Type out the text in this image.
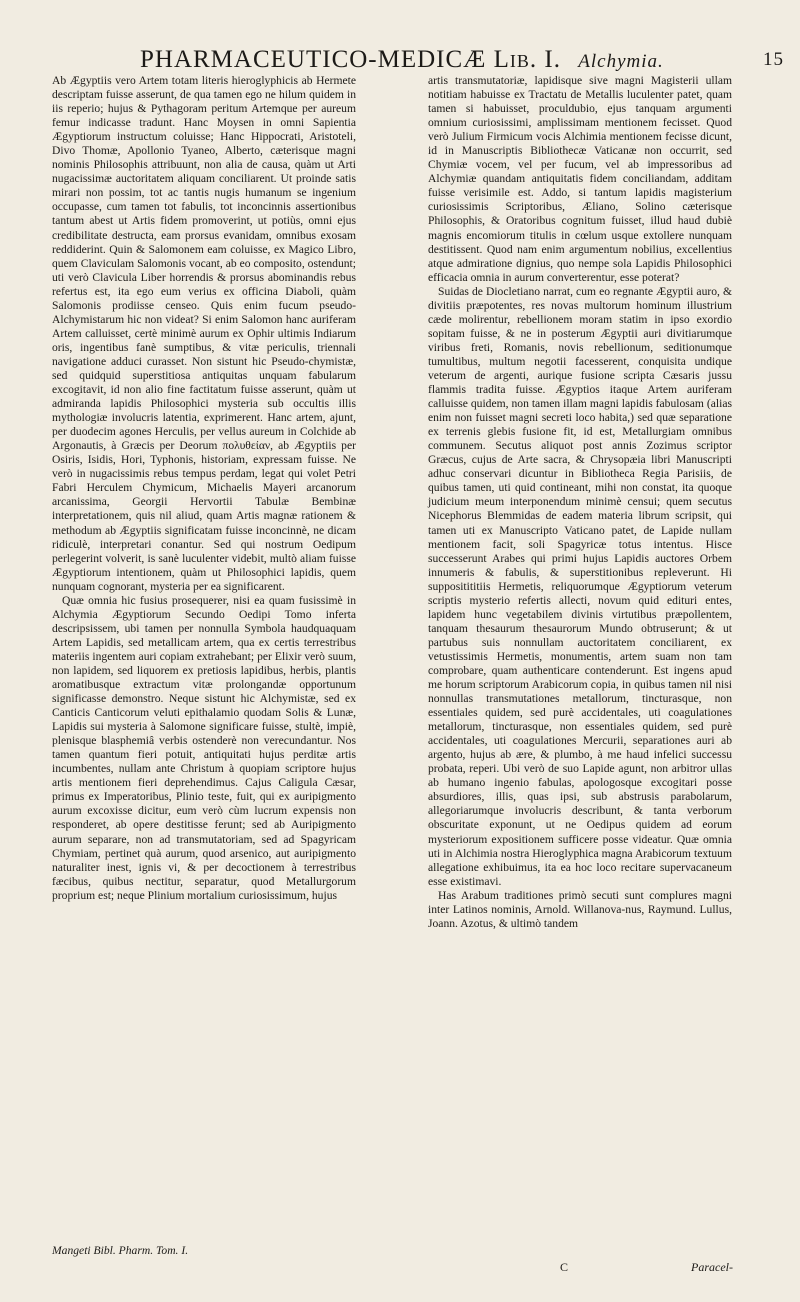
PHARMACEUTICO-MEDICÆ Lib. I. Alchymia.	15

Ab Ægyptiis vero Artem totam literis hieroglyphicis ab Hermete descriptam fuisse asserunt, de qua tamen ego ne hilum quidem in iis reperio; hujus & Pythagoram peritum Artemque per aureum femur indicasse tradunt. Hanc Moysen in omni Sapientia Ægyptiorum instructum coluisse; Hanc Hippocrati, Aristoteli, Divo Thomæ, Apollonio Tyaneo, Alberto, cæterisque magni nominis Philosophis attribuunt, non alia de causa, quàm ut Arti nugacissimæ auctoritatem aliquam conciliarent. Ut proinde satis mirari non possim, tot ac tantis nugis humanum se ingenium occupasse, cum tamen tot fabulis, tot inconcinnis assertionibus tantum abest ut Artis fidem promoverint, ut potiùs, omni ejus credibilitate destructa, eam prorsus evanidam, omnibus exosam reddiderint. Quin & Salomonem eam coluisse, ex Magico Libro, quem Claviculam Salomonis vocant, ab eo composito, ostendunt; uti verò Clavicula Liber horrendis & prorsus abominandis rebus refertus est, ita ego eum verius ex officina Diaboli, quàm Salomonis prodiisse censeo. Quis enim fucum pseudo-Alchymistarum hic non videat? Si enim Salomon hanc auriferam Artem calluisset, certè minimè aurum ex Ophir ultimis Indiarum oris, ingentibus fanè sumptibus, & vitæ periculis, triennali navigatione adduci curasset. Non sistunt hic Pseudo-chymistæ, sed quidquid superstitiosa antiquitas unquam fabularum excogitavit, id non alio fine factitatum fuisse asserunt, quàm ut admiranda lapidis Philosophici mysteria sub occultis illis mythologiæ involucris latentia, exprimerent. Hanc artem, ajunt, per duodecim agones Herculis, per vellus aureum in Colchide ab Argonautis, à Græcis per Deorum πολυθείαν, ab Ægyptiis per Osiris, Isidis, Hori, Typhonis, historiam, expressam fuisse. Ne verò in nugacissimis rebus tempus perdam, legat qui volet Petri Fabri Herculem Chymicum, Michaelis Mayeri arcanorum arcanissima, Georgii Hervortii Tabulæ Bembinæ interpretationem, quis nil aliud, quam Artis magnæ rationem & methodum ab Ægyptiis significatam fuisse inconcinnè, ne dicam ridiculè, interpretari conantur. Sed qui nostrum Oedipum perlegerint volverit, is sanè luculenter videbit, multò aliam fuisse Ægyptiorum intentionem, quàm ut Philosophici lapidis, quem nunquam cognorant, mysteria per ea significarent.

Quæ omnia hic fusius prosequerer, nisi ea quam fusissimè in Alchymia Ægyptiorum Secundo Oedipi Tomo inferta descripsissem, ubi tamen per nonnulla Symbola haudquaquam Artem Lapidis, sed metallicam artem, qua ex certis terrestribus materiis ingentem auri copiam extrahebant; per Elixir verò suum, non lapidem, sed liquorem ex pretiosis lapidibus, herbis, plantis aromatibusque extractum vitæ prolongandæ opportunum significasse demonstro. Neque sistunt hic Alchymistæ, sed ex Canticis Canticorum veluti epithalamio quodam Solis & Lunæ, Lapidis sui mysteria à Salomone significare fuisse, stultè, impiè, plenisque blasphemiâ verbis ostenderè non verecundantur. Nos tamen quantum fieri potuit, antiquitati hujus perditæ artis incumbentes, nullam ante Christum à quopiam scriptore hujus artis mentionem fieri deprehendimus. Cajus Caligula Cæsar, primus ex Imperatoribus, Plinio teste, fuit, qui ex auripigmento aurum excoxisse dicitur, eum verò cùm lucrum expensis non responderet, ab opere destitisse ferunt; sed ab Auripigmento aurum separare, non ad transmutatoriam, sed ad Spagyricam Chymiam, pertinet quà aurum, quod arsenico, aut auripigmento naturaliter inest, ignis vi, & per decoctionem à terrestribus fæcibus, quibus nectitur, separatur, quod Metallurgorum proprium est; neque Plinium mortalium curiosissimum, hujus

artis transmutatoriæ, lapidisque sive magni Magisterii ullam notitiam habuisse ex Tractatu de Metallis luculenter patet, quam tamen si habuisset, proculdubio, ejus tanquam argumenti omnium curiosissimi, amplissimam mentionem fecisset. Quod verò Julium Firmicum vocis Alchimia mentionem fecisse dicunt, id in Manuscriptis Bibliothecæ Vaticanæ non occurrit, sed Chymiæ vocem, vel per fucum, vel ab impressoribus ad Alchymiæ quandam antiquitatis fidem conciliandam, additam fuisse verisimile est. Addo, si tantum lapidis magisterium curiosissimis Scriptoribus, Æliano, Solino cæterisque Philosophis, & Oratoribus cognitum fuisset, illud haud dubiè magnis encomiorum titulis in cœlum usque extollere nunquam destitissent. Quod nam enim argumentum nobilius, excellentius atque admiratione dignius, quo nempe sola Lapidis Philosophici efficacia omnia in aurum converterentur, esse poterat?

Suidas de Diocletiano narrat, cum eo regnante Ægyptii auro, & divitiis præpotentes, res novas multorum hominum illustrium cæde molirentur, rebellionem moram statim in ipso exordio sopitam fuisse, & ne in posterum Ægyptii auri divitiarumque viribus freti, Romanis, novis rebellionum, seditionumque tumultibus, multum negotii facesserent, conquisita undique veterum de argenti, aurique fusione scripta Cæsaris jussu flammis tradita fuisse. Ægyptios itaque Artem auriferam calluisse quidem, non tamen illam magni lapidis fabulosam (alias enim non fuisset magni secreti loco habita,) sed quæ separatione ex terrenis glebis fusione fit, id est, Metallurgiam omnibus communem. Secutus aliquot post annis Zozimus scriptor Græcus, cujus de Arte sacra, & Chrysopæia libri Manuscripti adhuc conservari dicuntur in Bibliotheca Regia Parisiis, de quibus tamen, uti quid contineant, mihi non constat, ita quoque judicium meum interponendum minimè censui; quem secutus Nicephorus Blemmidas de eadem materia librum scripsit, qui tamen uti ex Manuscripto Vaticano patet, de Lapide nullam mentionem facit, soli Spagyricæ totus intentus. Hisce successerunt Arabes qui primi hujus Lapidis auctores Orbem innumeris & fabulis, & superstitionibus repleverunt. Hi suppositititiis Hermetis, reliquorumque Ægyptiorum veterum scriptis mysterio refertis allecti, novum quid edituri entes, lapidem hunc vegetabilem divinis virtutibus præpollentem, tanquam thesaurum thesaurorum Mundo obtruserunt; & ut partubus suis nonnullam auctoritatem conciliarent, ex vetustissimis Hermetis, monumentis, artem suam non tam comprobare, quam authenticare contenderunt. Est ingens apud me horum scriptorum Arabicorum copia, in quibus tamen nil nisi nonnullas transmutationes metallorum, tincturasque, non essentiales quidem, sed purè accidentales, uti coagulationes metallorum, tincturasque, non essentiales quidem, sed purè accidentales, uti coagulationes Mercurii, separationes auri ab argento, hujus ab ære, & plumbo, à me haud infelici successu probata, reperi. Ubi verò de suo Lapide agunt, non arbitror ullas ab humano ingenio fabulas, apologosque excogitari posse absurdiores, illis, quas ipsi, sub abstrusis parabolarum, allegoriarumque involucris describunt, & tanta verborum obscuritate exponunt, ut ne Oedipus quidem ad eorum mysteriorum expositionem sufficere posse videatur. Quæ omnia uti in Alchimia nostra Hieroglyphica magna Arabicorum textuum allegatione exhibuimus, ita ea hoc loco recitare supervacaneum esse existimavi.

Has Arabum traditiones primò secuti sunt complures magni inter Latinos nominis, Arnold. Willanova-nus, Raymund. Lullus, Joann. Azotus, & ultimò tandem

Mangeti Bibl. Pharm. Tom. I.
C	Paracel-
